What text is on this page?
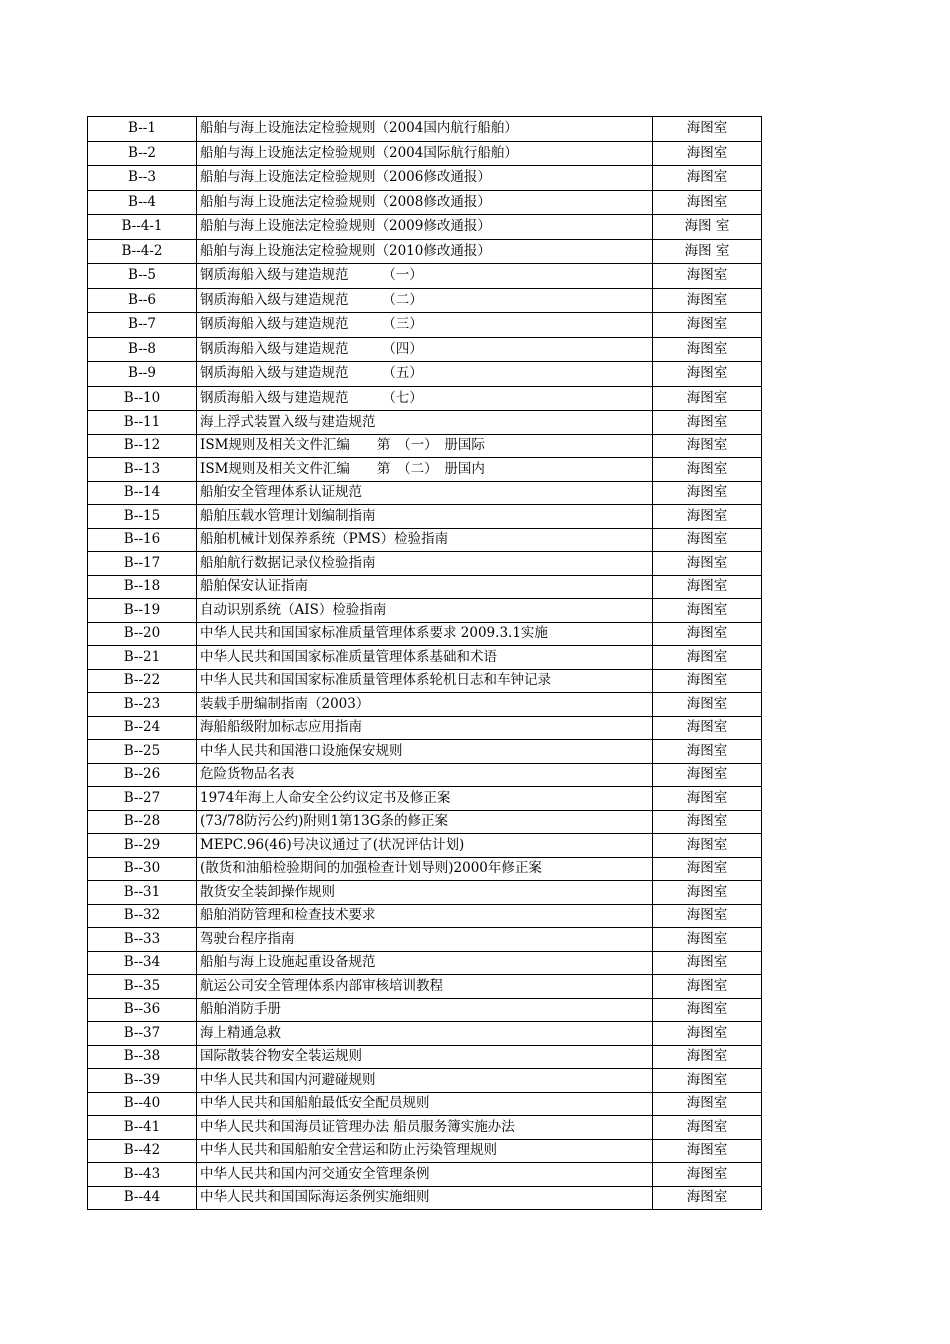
B--1	船舶与海上设施法定检验规则（2004国内航行船舶）	海图室
B--2	船舶与海上设施法定检验规则（2004国际航行船舶）	海图室
B--3	船舶与海上设施法定检验规则（2006修改通报）	海图室
B--4	船舶与海上设施法定检验规则（2008修改通报）	海图室
B--4-1	船舶与海上设施法定检验规则（2009修改通报）	海图 室
B--4-2	船舶与海上设施法定检验规则（2010修改通报）	海图 室
B--5	钢质海船入级与建造规范　　　（一）	海图室
B--6	钢质海船入级与建造规范　　　（二）	海图室
B--7	钢质海船入级与建造规范　　　（三）	海图室
B--8	钢质海船入级与建造规范　　　（四）	海图室
B--9	钢质海船入级与建造规范　　　（五）	海图室
B--10	钢质海船入级与建造规范　　　（七）	海图室
B--11	海上浮式装置入级与建造规范	海图室
B--12	ISM规则及相关文件汇编　　第　（一）　册国际	海图室
B--13	ISM规则及相关文件汇编　　第　（二）　册国内	海图室
B--14	船舶安全管理体系认证规范	海图室
B--15	船舶压载水管理计划编制指南	海图室
B--16	船舶机械计划保养系统（PMS）检验指南	海图室
B--17	船舶航行数据记录仪检验指南	海图室
B--18	船舶保安认证指南	海图室
B--19	自动识别系统（AIS）检验指南	海图室
B--20	中华人民共和国国家标准质量管理体系要求 2009.3.1实施	海图室
B--21	中华人民共和国国家标准质量管理体系基础和术语	海图室
B--22	中华人民共和国国家标准质量管理体系轮机日志和车钟记录	海图室
B--23	装载手册编制指南（2003）	海图室
B--24	海船船级附加标志应用指南	海图室
B--25	中华人民共和国港口设施保安规则	海图室
B--26	危险货物品名表	海图室
B--27	1974年海上人命安全公约议定书及修正案	海图室
B--28	(73/78防污公约)附则1第13G条的修正案	海图室
B--29	MEPC.96(46)号决议通过了(状况评估计划)	海图室
B--30	(散货和油船检验期间的加强检查计划导则)2000年修正案	海图室
B--31	散货安全装卸操作规则	海图室
B--32	船舶消防管理和检查技术要求	海图室
B--33	驾驶台程序指南	海图室
B--34	船舶与海上设施起重设备规范	海图室
B--35	航运公司安全管理体系内部审核培训教程	海图室
B--36	船舶消防手册	海图室
B--37	海上精通急救	海图室
B--38	国际散装谷物安全装运规则	海图室
B--39	中华人民共和国内河避碰规则	海图室
B--40	中华人民共和国船舶最低安全配员规则	海图室
B--41	中华人民共和国海员证管理办法 船员服务簿实施办法	海图室
B--42	中华人民共和国船舶安全营运和防止污染管理规则	海图室
B--43	中华人民共和国内河交通安全管理条例	海图室
B--44	中华人民共和国国际海运条例实施细则	海图室
